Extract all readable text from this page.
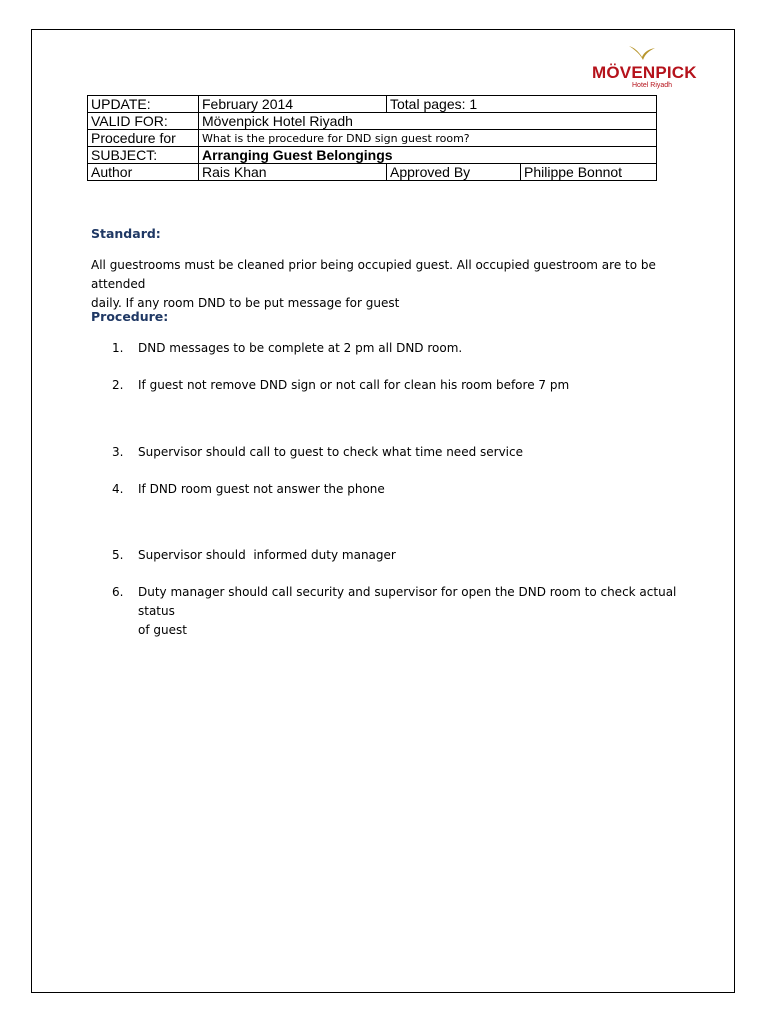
MÖVENPICK
Hotel Riyadh
UPDATE:	February 2014	Total pages: 1	
VALID FOR:	Mövenpick Hotel Riyadh		
Procedure for	What is the procedure for DND sign guest room?		
SUBJECT:	Arranging Guest Belongings		
Author	Rais Khan	Approved By	Philippe Bonnot
Standard:
All guestrooms must be cleaned prior being occupied guest. All occupied guestroom are to be attended
daily. If any room DND to be put message for guest
Procedure:
1.	DND messages to be complete at 2 pm all DND room.
2.	If guest not remove DND sign or not call for clean his room before 7 pm
3.	Supervisor should call to guest to check what time need service
4.	If DND room guest not answer the phone
5.	Supervisor should  informed duty manager
6.	Duty manager should call security and supervisor for open the DND room to check actual status
of guest
